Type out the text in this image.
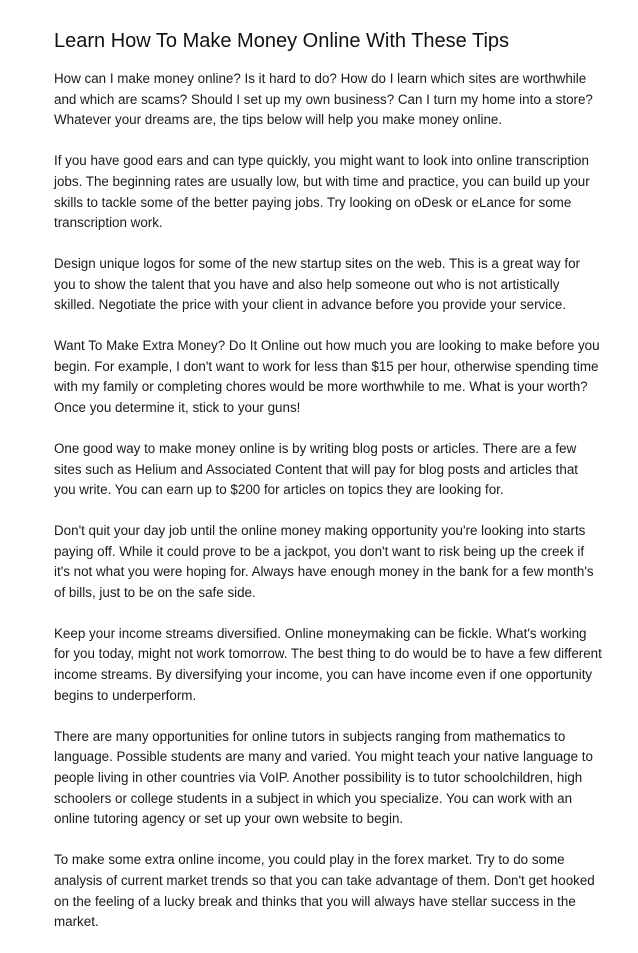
Learn How To Make Money Online With These Tips

How can I make money online? Is it hard to do? How do I learn which sites are worthwhile and which are scams? Should I set up my own business? Can I turn my home into a store? Whatever your dreams are, the tips below will help you make money online.

If you have good ears and can type quickly, you might want to look into online transcription jobs. The beginning rates are usually low, but with time and practice, you can build up your skills to tackle some of the better paying jobs. Try looking on oDesk or eLance for some transcription work.

Design unique logos for some of the new startup sites on the web. This is a great way for you to show the talent that you have and also help someone out who is not artistically skilled. Negotiate the price with your client in advance before you provide your service.

Want To Make Extra Money? Do It Online out how much you are looking to make before you begin. For example, I don't want to work for less than $15 per hour, otherwise spending time with my family or completing chores would be more worthwhile to me. What is your worth? Once you determine it, stick to your guns!

One good way to make money online is by writing blog posts or articles. There are a few sites such as Helium and Associated Content that will pay for blog posts and articles that you write. You can earn up to $200 for articles on topics they are looking for.

Don't quit your day job until the online money making opportunity you're looking into starts paying off. While it could prove to be a jackpot, you don't want to risk being up the creek if it's not what you were hoping for. Always have enough money in the bank for a few month's of bills, just to be on the safe side.

Keep your income streams diversified. Online moneymaking can be fickle. What's working for you today, might not work tomorrow. The best thing to do would be to have a few different income streams. By diversifying your income, you can have income even if one opportunity begins to underperform.

There are many opportunities for online tutors in subjects ranging from mathematics to language. Possible students are many and varied. You might teach your native language to people living in other countries via VoIP. Another possibility is to tutor schoolchildren, high schoolers or college students in a subject in which you specialize. You can work with an online tutoring agency or set up your own website to begin.

To make some extra online income, you could play in the forex market. Try to do some analysis of current market trends so that you can take advantage of them. Don't get hooked on the feeling of a lucky break and thinks that you will always have stellar success in the market.
